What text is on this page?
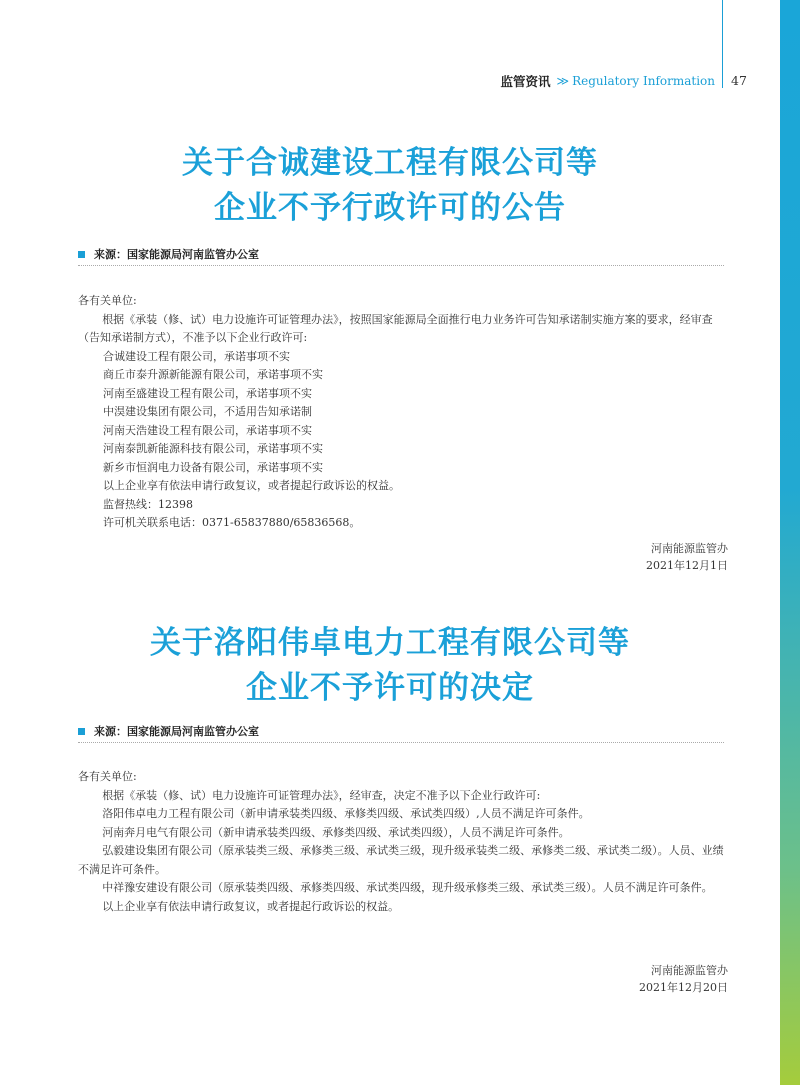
监管资讯 ≫ Regulatory Information 47
关于合诚建设工程有限公司等
企业不予行政许可的公告
来源： 国家能源局河南监管办公室

各有关单位:

根据《承装（修、试）电力设施许可证管理办法》，按照国家能源局全面推行电力业务许可告知承诺制实施方案的要求，经审查（告知承诺制方式），不准予以下企业行政许可:

合诚建设工程有限公司，承诺事项不实

商丘市泰升源新能源有限公司，承诺事项不实

河南至盛建设工程有限公司，承诺事项不实

中淏建设集团有限公司，不适用告知承诺制

河南天浩建设工程有限公司，承诺事项不实

河南泰凯新能源科技有限公司，承诺事项不实

新乡市恒润电力设备有限公司，承诺事项不实

以上企业享有依法申请行政复议，或者提起行政诉讼的权益。

监督热线：12398

许可机关联系电话：0371-65837880/65836568。

河南能源监管办
2021年12月1日
关于洛阳伟卓电力工程有限公司等
企业不予许可的决定
来源： 国家能源局河南监管办公室

各有关单位:

根据《承装（修、试）电力设施许可证管理办法》，经审查，决定不准予以下企业行政许可:

洛阳伟卓电力工程有限公司（新申请承装类四级、承修类四级、承试类四级）,人员不满足许可条件。

河南奔月电气有限公司（新申请承装类四级、承修类四级、承试类四级），人员不满足许可条件。

弘毅建设集团有限公司（原承装类三级、承修类三级、承试类三级，现升级承装类二级、承修类二级、承试类二级）。人员、业绩不满足许可条件。

中祥豫安建设有限公司（原承装类四级、承修类四级、承试类四级，现升级承修类三级、承试类三级）。人员不满足许可条件。

以上企业享有依法申请行政复议，或者提起行政诉讼的权益。

河南能源监管办
2021年12月20日
